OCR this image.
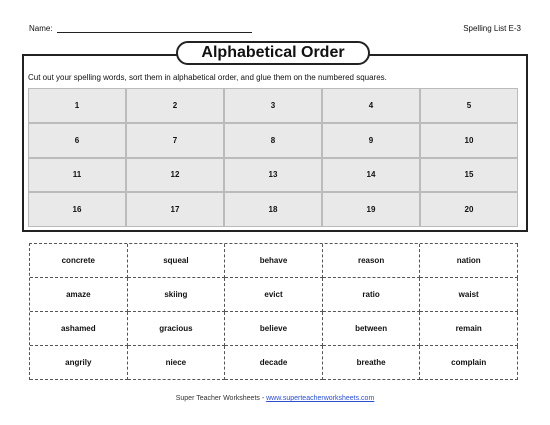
Name:	Spelling List E-3
Alphabetical Order
Cut out your spelling words, sort them in alphabetical order, and glue them on the numbered squares.
1	2	3	4	5
6	7	8	9	10
11	12	13	14	15
16	17	18	19	20
concrete	squeal	behave	reason	nation
amaze	skiing	evict	ratio	waist
ashamed	gracious	believe	between	remain
angrily	niece	decade	breathe	complain
Super Teacher Worksheets - www.superteacherworksheets.com
